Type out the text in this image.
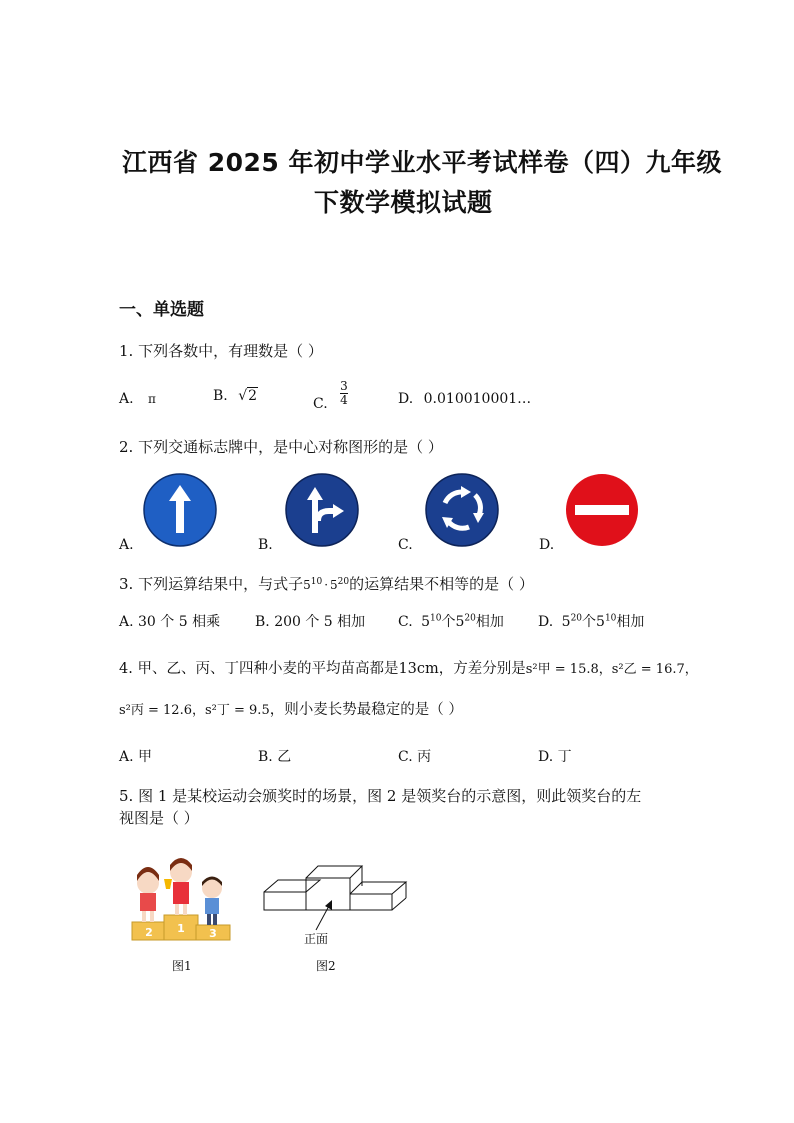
江西省 2025 年初中学业水平考试样卷（四）九年级
下数学模拟试题
一、单选题
1. 下列各数中，有理数是（ ）
A. π	B. √2	C. $\frac{3}{4}$	D. 0.010010001…
2. 下列交通标志牌中，是中心对称图形的是（ ）
A.	B.	C.	D.
3. 下列运算结果中，与式子$5^{10} \cdot 5^{20}$的运算结果不相等的是（ ）
A. 30 个 5 相乘 B. 200 个 5 相加 C. $5^{10}$个$5^{20}$相加 D. $5^{20}$个$5^{10}$相加
4. 甲、乙、丙、丁四种小麦的平均苗高都是13cm，方差分别是s²甲 = 15.8，s²乙 = 16.7，
s²丙 = 12.6，s²丁 = 9.5，则小麦长势最稳定的是（ ）
A. 甲	B. 乙	C. 丙	D. 丁
5. 图 1 是某校运动会颁奖时的场景，图 2 是领奖台的示意图，则此领奖台的左
视图是（ ）
2 1 3
图1
正面
图2
